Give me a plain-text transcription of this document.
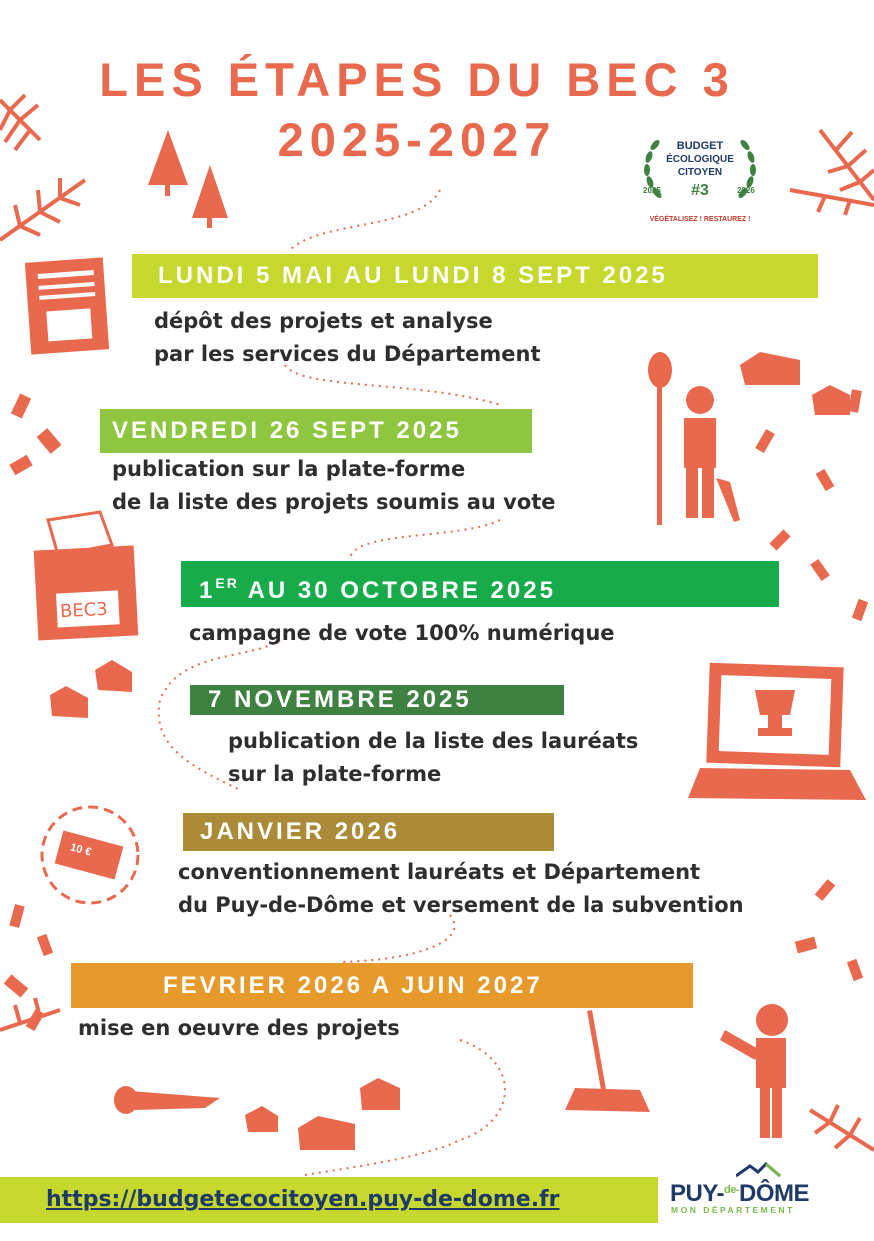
BUDGET
ÉCOLOGIQUE
CITOYEN
#3
2025	2026
VÉGÉTALISEZ ! RESTAUREZ !
LES ÉTAPES DU BEC 3
2025-2027
LUNDI 5 MAI AU LUNDI 8 SEPT 2025
dépôt des projets et analyse
par les services du Département
VENDREDI 26 SEPT 2025
publication sur la plate-forme
de la liste des projets soumis au vote
1ER AU 30 OCTOBRE 2025
campagne de vote 100% numérique
7 NOVEMBRE 2025
publication de la liste des lauréats
sur la plate-forme
JANVIER 2026
conventionnement lauréats et Département
du Puy-de-Dôme et versement de la subvention
FEVRIER 2026 A JUIN 2027
mise en oeuvre des projets
BEC3
10 €
https://budgetecocitoyen.puy-de-dome.fr	PUY-$^{de-}$DÔME
MON DÉPARTEMENT
